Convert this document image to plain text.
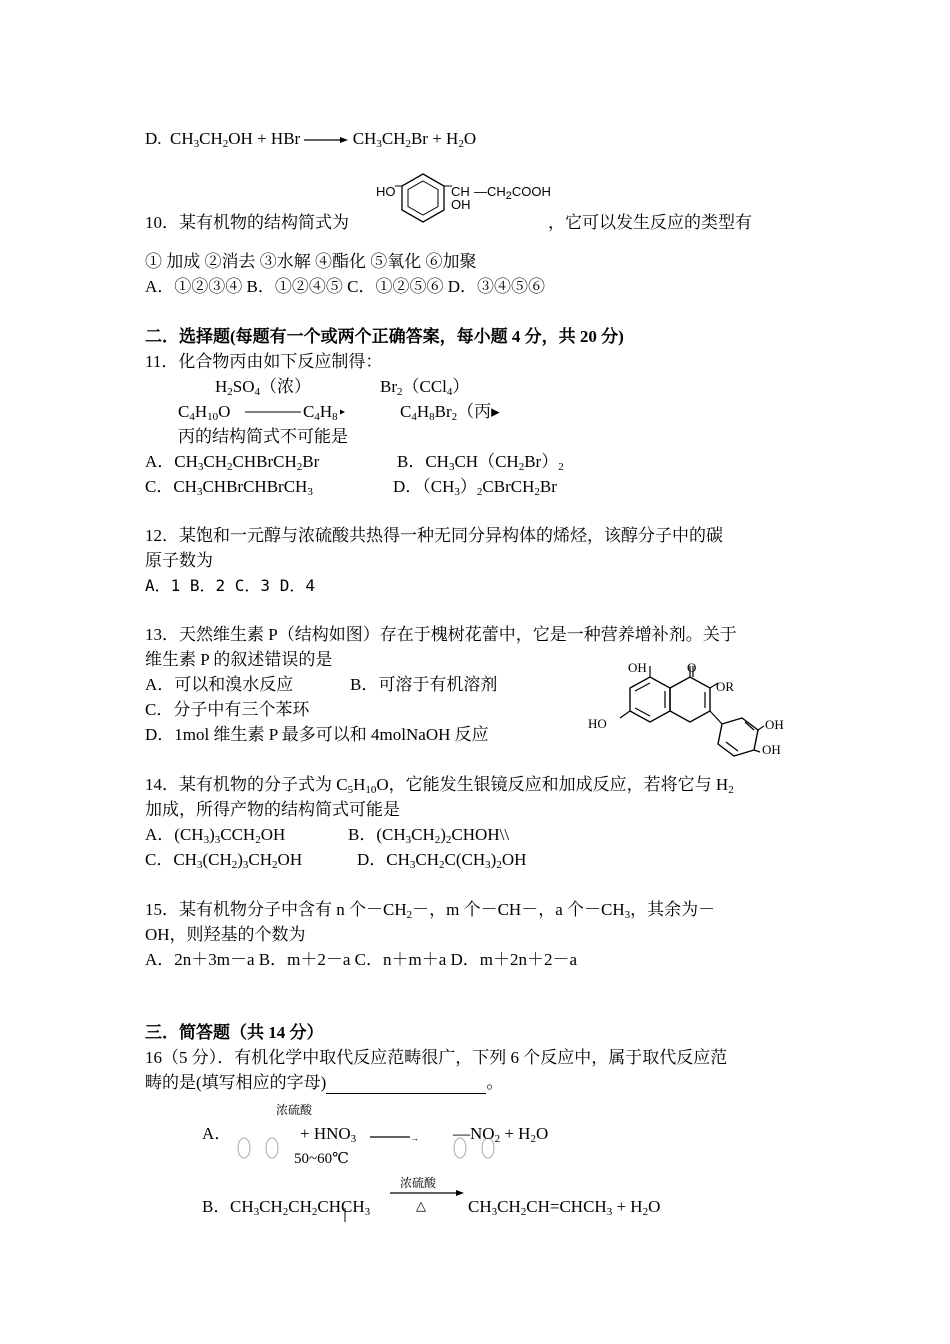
D.  $CH_3CH_2OH$ + HBr → $CH_3CH_2Br + H_2O$
HO	CH
OH
$—CH_2COOH$
10．某有机物的结构简式为	，它可以发生反应的类型有
① 加成 ②消去 ③水解 ④酯化 ⑤氧化 ⑥加聚
A．①②③④ B．①②④⑤ C．①②⑤⑥ D．③④⑤⑥
二．选择题(每题有一个或两个正确答案，每小题 4 分，共 20 分)
11．化合物丙由如下反应制得：
$H_2SO_4$（浓）	$Br_2(CCl_4)$
$C_4H_{10}O$	$C_4H_8$	$C_4H_8Br_2$（丙▸
丙的结构简式不可能是
A．$CH_3CH_2CHBrCH_2Br$	B．$CH_3CH(CH_2Br)_2$
C．$CH_3CHBrCHBrCH_3$	D．$(CH_3)_2CBrCH_2Br$
12．某饱和一元醇与浓硫酸共热得一种无同分异构体的烯烃，该醇分子中的碳
原子数为
A．1 B．2 C．3 D．4
13．天然维生素 P（结构如图）存在于槐树花蕾中，它是一种营养增补剂。关于
维生素 P 的叙述错误的是
A．可以和溴水反应	B．可溶于有机溶剂
C．分子中有三个苯环
D．1mol 维生素 P 最多可以和 4molNaOH 反应
OH	O
OR
HO	OH
OH
14．某有机物的分子式为 $C_5H_{10}O$，它能发生银镜反应和加成反应，若将它与 $H_2$
加成，所得产物的结构简式可能是
A．$(CH_3)_3CCH_2OH$	B．$(CH_3CH_2)_2CHOH\backslash\backslash$
C．$CH_3(CH_2)_3CH_2OH$	D．$CH_3CH_2C(CH_3)_2OH$
15．某有机物分子中含有 n 个$-CH_2-$，m 个－CH－，a 个$-CH_3$，其余为－
OH，则羟基的个数为
A．2n＋3m－a B．m＋2－a C．n＋m＋a D．m＋2n＋2－a
三．简答题（共 14 分）
16（5 分）．有机化学中取代反应范畴很广，下列 6 个反应中，属于取代反应范
畴的是(填写相应的字母)	。
浓硫酸
A．	+ $HNO_3$	→ $—NO_2 + H_2O$
50~60℃
浓硫酸
B． $CH_3CH_2CH_2CHCH_3$	△ $CH_3CH_2CH=CHCH_3 + H_2O$
